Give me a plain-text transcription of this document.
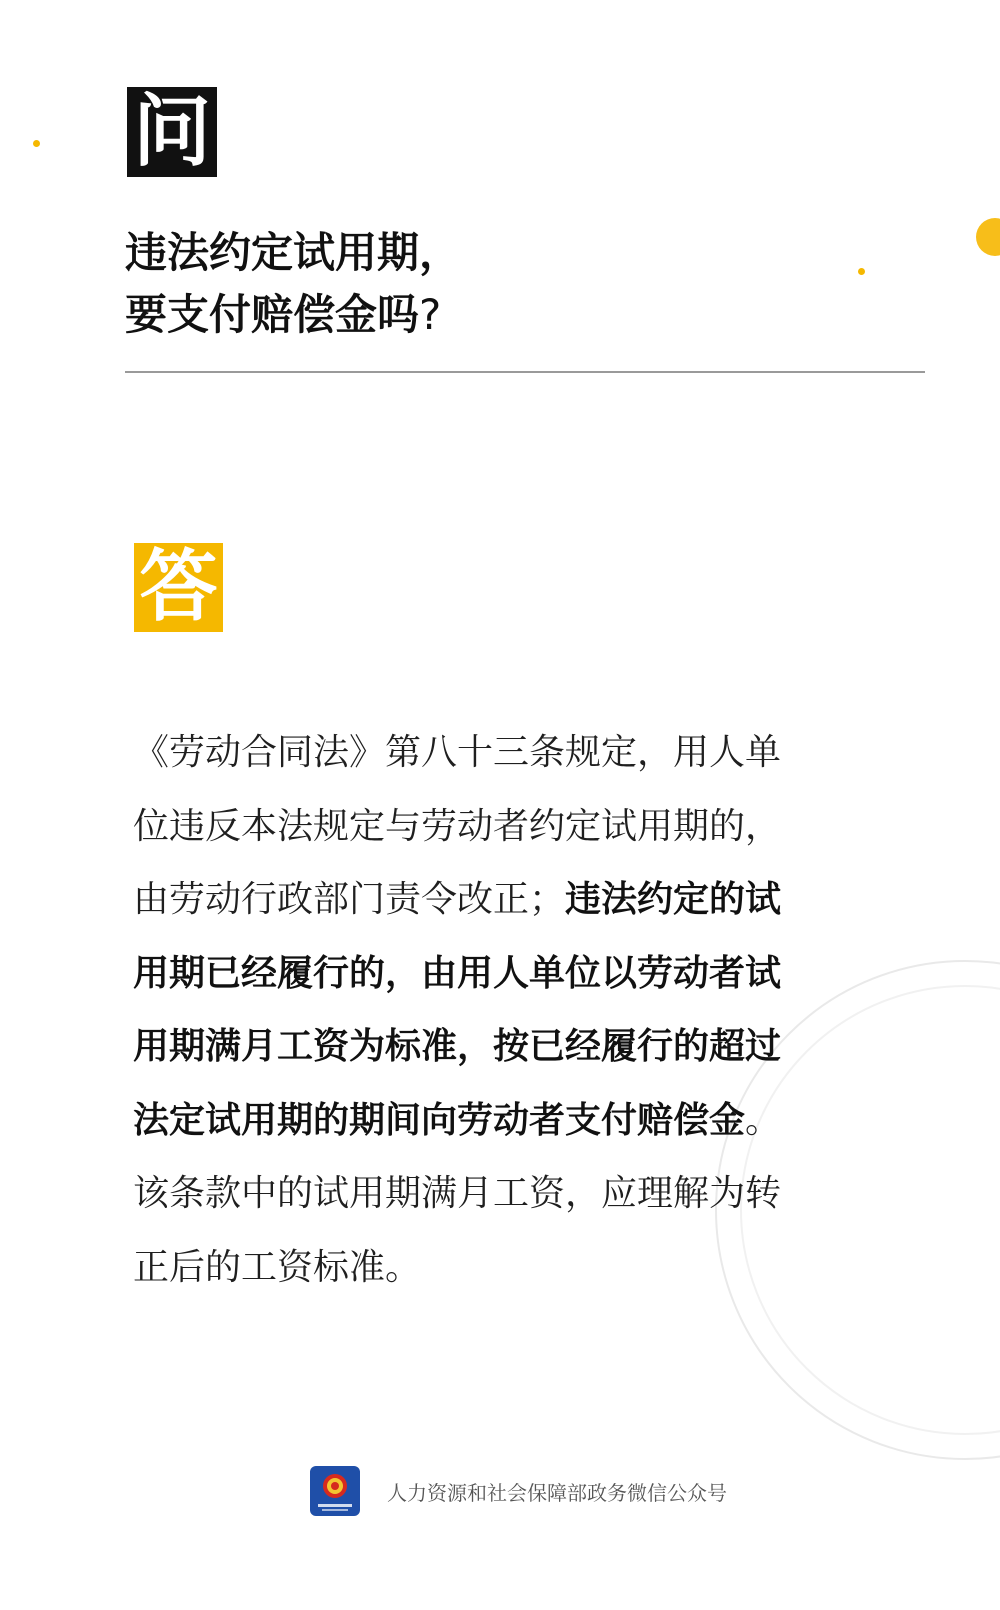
问
违法约定试用期，
要支付赔偿金吗?
答
《劳动合同法》第八十三条规定，用人单
位违反本法规定与劳动者约定试用期的，
由劳动行政部门责令改正；违法约定的试
用期已经履行的，由用人单位以劳动者试
用期满月工资为标准，按已经履行的超过
法定试用期的期间向劳动者支付赔偿金。
该条款中的试用期满月工资，应理解为转
正后的工资标准。
人力资源和社会保障部政务微信公众号
